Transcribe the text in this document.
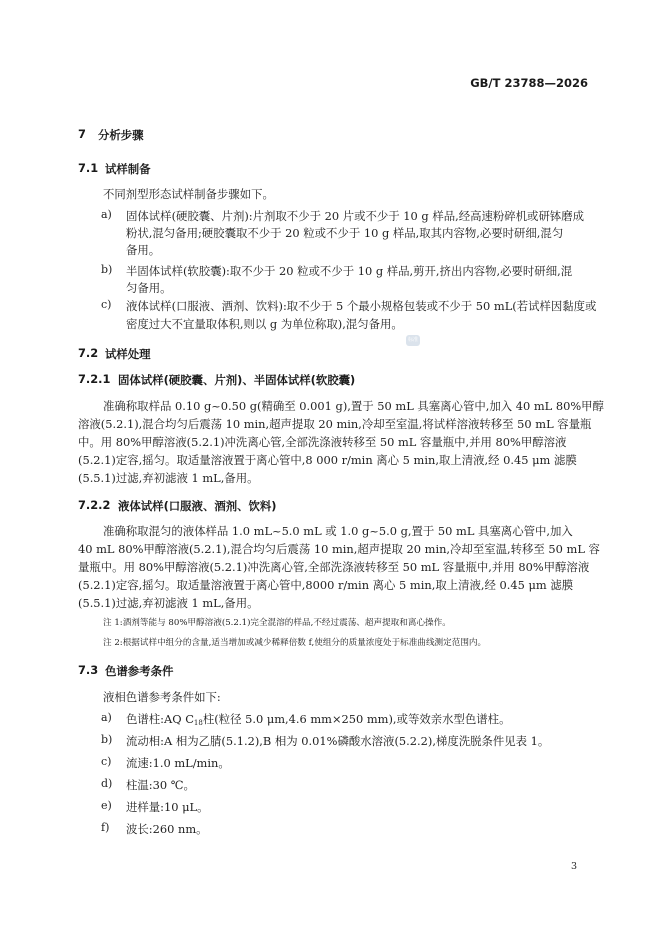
GB/T 23788—2026
7 分析步骤
7.1 试样制备
不同剂型形态试样制备步骤如下。
a) 固体试样(硬胶囊、片剂):片剂取不少于 20 片或不少于 10 g 样品,经高速粉碎机或研钵磨成
粉状,混匀备用;硬胶囊取不少于 20 粒或不少于 10 g 样品,取其内容物,必要时研细,混匀
备用。
b) 半固体试样(软胶囊):取不少于 20 粒或不少于 10 g 样品,剪开,挤出内容物,必要时研细,混
匀备用。
c) 液体试样(口服液、酒剂、饮料):取不少于 5 个最小规格包装或不少于 50 mL(若试样因黏度或
密度过大不宜量取体积,则以 g 为单位称取),混匀备用。
标准
7.2 试样处理
7.2.1 固体试样(硬胶囊、片剂)、半固体试样(软胶囊)
准确称取样品 0.10 g~0.50 g(精确至 0.001 g),置于 50 mL 具塞离心管中,加入 40 mL 80%甲醇
溶液(5.2.1),混合均匀后震荡 10 min,超声提取 20 min,冷却至室温,将试样溶液转移至 50 mL 容量瓶
中。用 80%甲醇溶液(5.2.1)冲洗离心管,全部洗涤液转移至 50 mL 容量瓶中,并用 80%甲醇溶液
(5.2.1)定容,摇匀。取适量溶液置于离心管中,8 000 r/min 离心 5 min,取上清液,经 0.45 μm 滤膜
(5.5.1)过滤,弃初滤液 1 mL,备用。
7.2.2 液体试样(口服液、酒剂、饮料)
准确称取混匀的液体样品 1.0 mL~5.0 mL 或 1.0 g~5.0 g,置于 50 mL 具塞离心管中,加入
40 mL 80%甲醇溶液(5.2.1),混合均匀后震荡 10 min,超声提取 20 min,冷却至室温,转移至 50 mL 容
量瓶中。用 80%甲醇溶液(5.2.1)冲洗离心管,全部洗涤液转移至 50 mL 容量瓶中,并用 80%甲醇溶液
(5.2.1)定容,摇匀。取适量溶液置于离心管中,8000 r/min 离心 5 min,取上清液,经 0.45 μm 滤膜
(5.5.1)过滤,弃初滤液 1 mL,备用。
注 1:酒剂等能与 80%甲醇溶液(5.2.1)完全混溶的样品,不经过震荡、超声提取和离心操作。
注 2:根据试样中组分的含量,适当增加或减少稀释倍数 f,使组分的质量浓度处于标准曲线测定范围内。
7.3 色谱参考条件
液相色谱参考条件如下:
a) 色谱柱:AQ $C_{18}$柱(粒径 5.0 μm,4.6 mm×250 mm),或等效亲水型色谱柱。
b) 流动相:A 相为乙腈(5.1.2),B 相为 0.01%磷酸水溶液(5.2.2),梯度洗脱条件见表 1。
c) 流速:1.0 mL/min。
d) 柱温:30 ℃。
e) 进样量:10 μL。
f) 波长:260 nm。
3
